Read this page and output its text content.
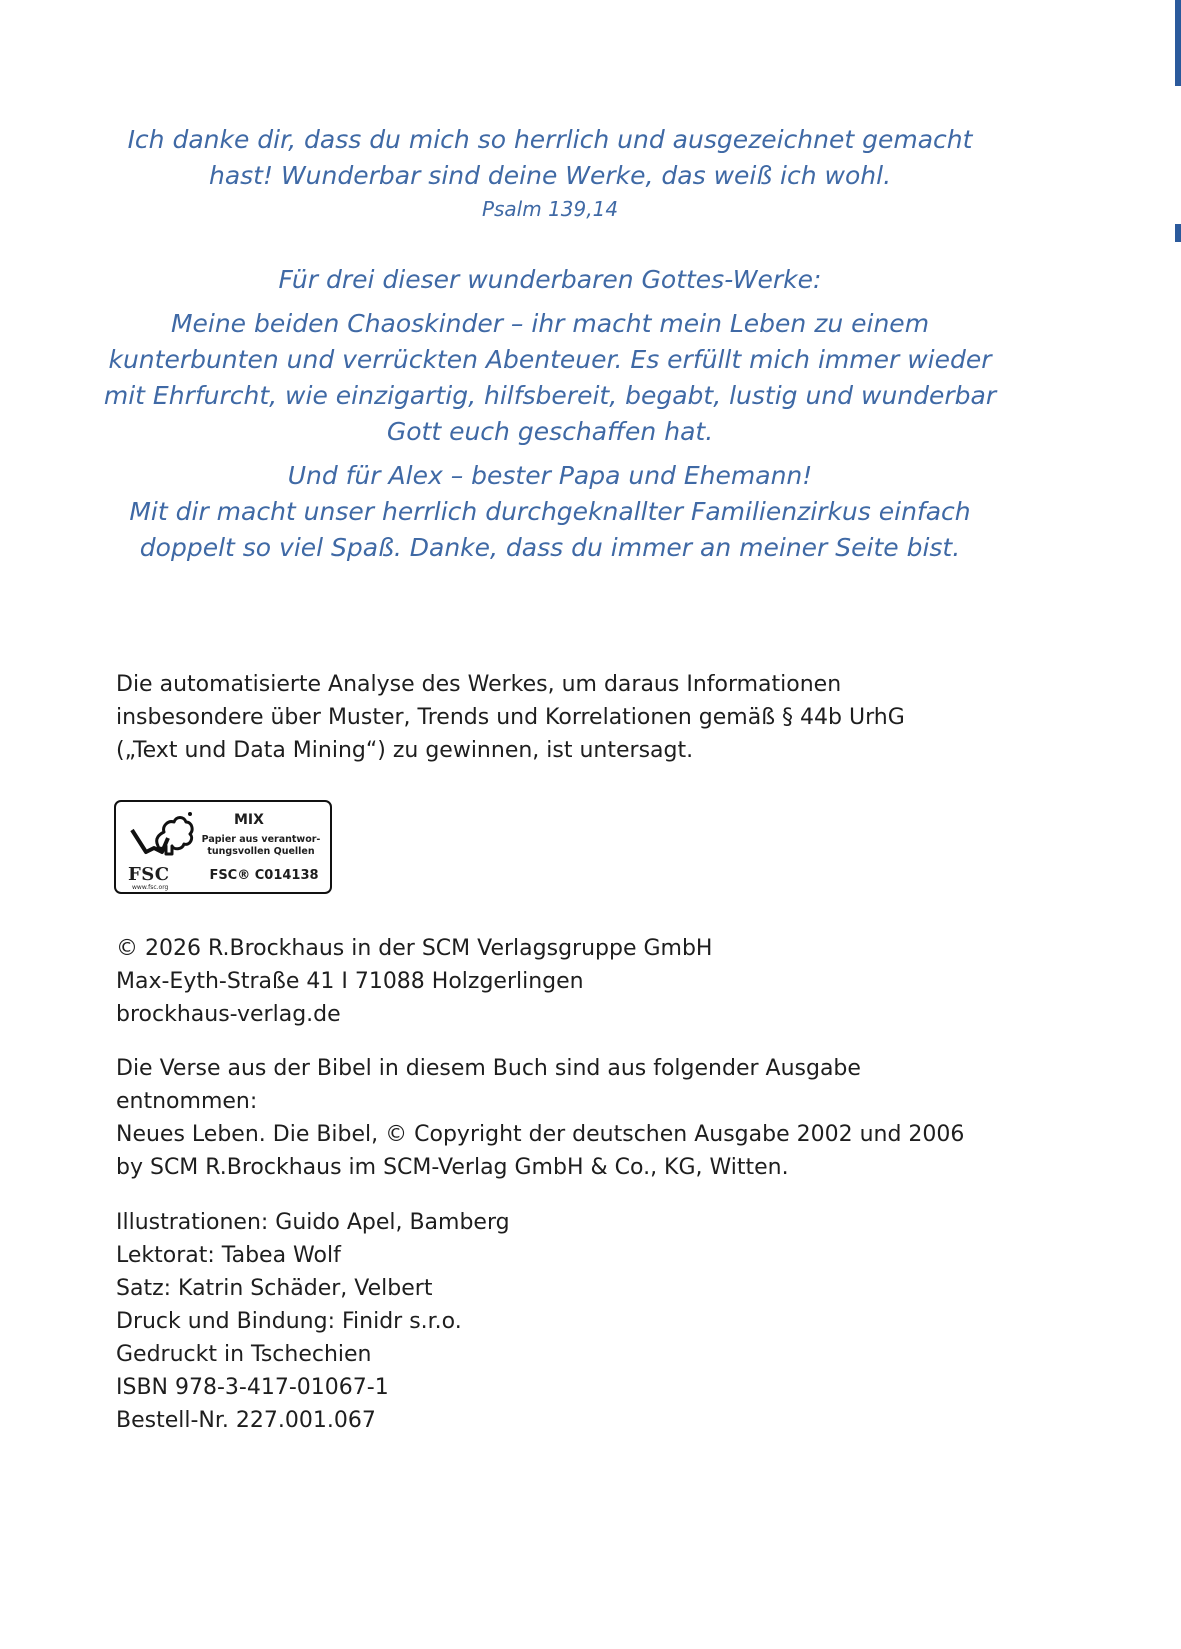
Ich danke dir, dass du mich so herrlich und ausgezeichnet gemacht
hast! Wunderbar sind deine Werke, das weiß ich wohl.
Psalm 139,14
Für drei dieser wunderbaren Gottes-Werke:
Meine beiden Chaoskinder – ihr macht mein Leben zu einem
kunterbunten und verrückten Abenteuer. Es erfüllt mich immer wieder
mit Ehrfurcht, wie einzigartig, hilfsbereit, begabt, lustig und wunderbar
Gott euch geschaffen hat.
Und für Alex – bester Papa und Ehemann!
Mit dir macht unser herrlich durchgeknallter Familienzirkus einfach
doppelt so viel Spaß. Danke, dass du immer an meiner Seite bist.
Die automatisierte Analyse des Werkes, um daraus Informationen
insbesondere über Muster, Trends und Korrelationen gemäß § 44b UrhG
(„Text und Data Mining“) zu gewinnen, ist untersagt.
FSC
www.fsc.org
MIX
Papier aus verantwor-
tungsvollen Quellen
FSC® C014138
© 2026 R.Brockhaus in der SCM Verlagsgruppe GmbH
Max-Eyth-Straße 41 I 71088 Holzgerlingen
brockhaus-verlag.de
Die Verse aus der Bibel in diesem Buch sind aus folgender Ausgabe
entnommen:
Neues Leben. Die Bibel, © Copyright der deutschen Ausgabe 2002 und 2006
by SCM R.Brockhaus im SCM-Verlag GmbH & Co., KG, Witten.
Illustrationen: Guido Apel, Bamberg
Lektorat: Tabea Wolf
Satz: Katrin Schäder, Velbert
Druck und Bindung: Finidr s.r.o.
Gedruckt in Tschechien
ISBN 978-3-417-01067-1
Bestell-Nr. 227.001.067
